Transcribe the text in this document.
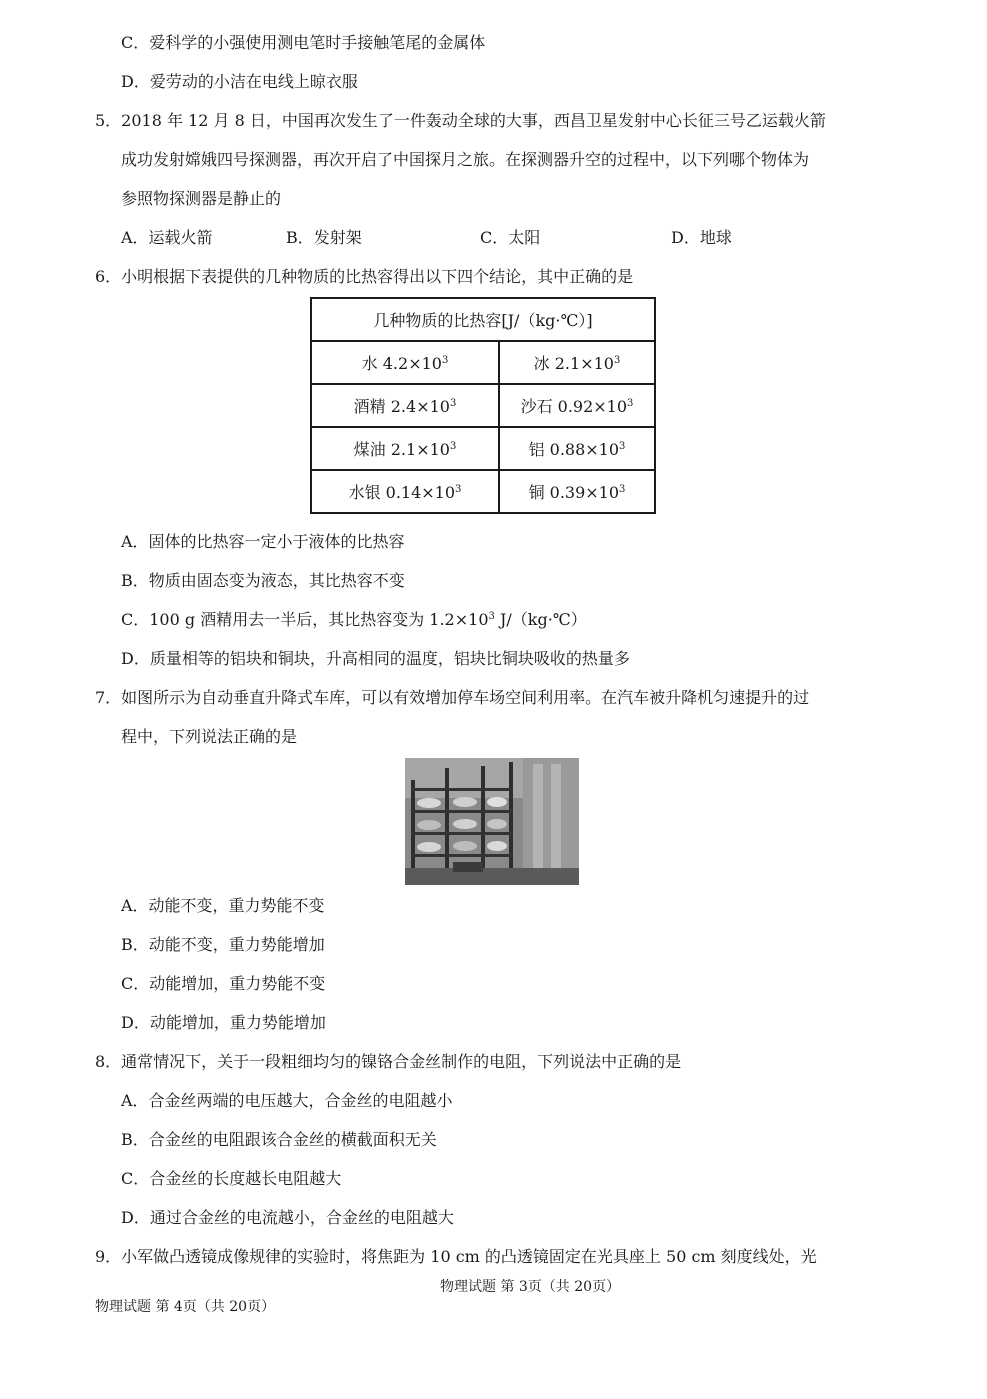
C．爱科学的小强使用测电笔时手接触笔尾的金属体
D．爱劳动的小洁在电线上晾衣服
5．2018 年 12 月 8 日，中国再次发生了一件轰动全球的大事，西昌卫星发射中心长征三号乙运载火箭
成功发射嫦娥四号探测器，再次开启了中国探月之旅。在探测器升空的过程中，以下列哪个物体为
参照物探测器是静止的
A．运载火箭	B．发射架	C．太阳	D．地球
6．小明根据下表提供的几种物质的比热容得出以下四个结论，其中正确的是
几种物质的比热容[J/（kg·℃）]	
水 $4.2\times 10^3$	冰 $2.1\times 10^3$
酒精 $2.4\times 10^3$	沙石 $0.92\times 10^3$
煤油 $2.1\times 10^3$	铝 $0.88\times 10^3$
水银 $0.14\times 10^3$	铜 $0.39\times 10^3$
A．固体的比热容一定小于液体的比热容
B．物质由固态变为液态，其比热容不变
C．100 g 酒精用去一半后，其比热容变为 $1.2\times 10^3$ J/（kg·℃）
D．质量相等的铝块和铜块，升高相同的温度，铝块比铜块吸收的热量多
7．如图所示为自动垂直升降式车库，可以有效增加停车场空间利用率。在汽车被升降机匀速提升的过
程中，下列说法正确的是
A．动能不变，重力势能不变
B．动能不变，重力势能增加
C．动能增加，重力势能不变
D．动能增加，重力势能增加
8．通常情况下，关于一段粗细均匀的镍铬合金丝制作的电阻，下列说法中正确的是
A．合金丝两端的电压越大，合金丝的电阻越小
B．合金丝的电阻跟该合金丝的横截面积无关
C．合金丝的长度越长电阻越大
D．通过合金丝的电流越小，合金丝的电阻越大
9．小军做凸透镜成像规律的实验时，将焦距为 10 cm 的凸透镜固定在光具座上 50 cm 刻度线处，光
物理试题 第 3页（共 20页）
物理试题 第 4页（共 20页）
